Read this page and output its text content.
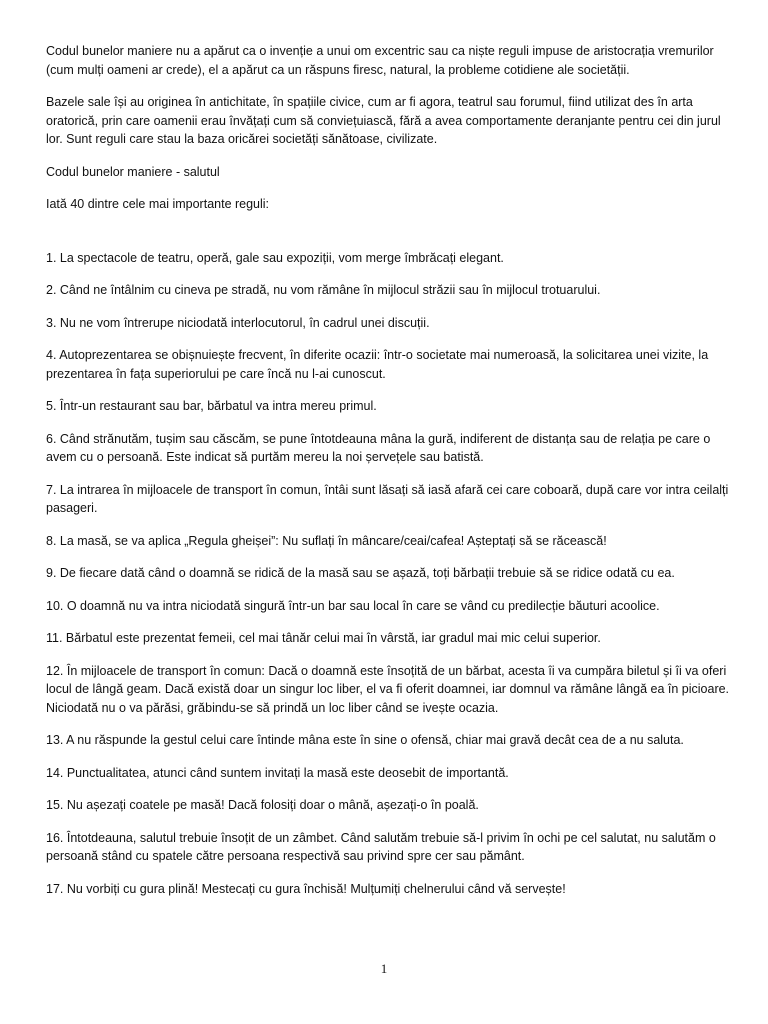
Codul bunelor maniere nu a apărut ca o invenție a unui om excentric sau ca niște reguli impuse de aristocrația vremurilor (cum mulți oameni ar crede), el a apărut ca un răspuns firesc, natural, la probleme cotidiene ale societății.

Bazele sale își au originea în antichitate, în spațiile civice, cum ar fi agora, teatrul sau forumul, fiind utilizat des în arta oratorică, prin care oamenii erau învățați cum să conviețuiască, fără a avea comportamente deranjante pentru cei din jurul lor. Sunt reguli care stau la baza oricărei societăți sănătoase, civilizate.

Codul bunelor maniere - salutul

Iată 40 dintre cele mai importante reguli:

1. La spectacole de teatru, operă, gale sau expoziții, vom merge îmbrăcați elegant.

2. Când ne întâlnim cu cineva pe stradă, nu vom rămâne în mijlocul străzii sau în mijlocul trotuarului.

3. Nu ne vom întrerupe niciodată interlocutorul, în cadrul unei discuții.

4. Autoprezentarea se obișnuiește frecvent, în diferite ocazii: într-o societate mai numeroasă, la solicitarea unei vizite, la prezentarea în fața superiorului pe care încă nu l-ai cunoscut.

5. Într-un restaurant sau bar, bărbatul va intra mereu primul.

6. Când strănutăm, tușim sau căscăm, se pune întotdeauna mâna la gură, indiferent de distanța sau de relația pe care o avem cu o persoană. Este indicat să purtăm mereu la noi șervețele sau batistă.

7. La intrarea în mijloacele de transport în comun, întâi sunt lăsați să iasă afară cei care coboară, după care vor intra ceilalți pasageri.

8. La masă, se va aplica „Regula gheișei”: Nu suflați în mâncare/ceai/cafea! Așteptați să se răcească!

9. De fiecare dată când o doamnă se ridică de la masă sau se așază, toți bărbații trebuie să se ridice odată cu ea.

10. O doamnă nu va intra niciodată singură într-un bar sau local în care se vând cu predilecție băuturi acoolice.

11. Bărbatul este prezentat femeii, cel mai tânăr celui mai în vârstă, iar gradul mai mic celui superior.

12. În mijloacele de transport în comun: Dacă o doamnă este însoțită de un bărbat, acesta îi va cumpăra biletul și îi va oferi locul de lângă geam. Dacă există doar un singur loc liber, el va fi oferit doamnei, iar domnul va rămâne lângă ea în picioare. Niciodată nu o va părăsi, grăbindu-se să prindă un loc liber când se ivește ocazia.

13. A nu răspunde la gestul celui care întinde mâna este în sine o ofensă, chiar mai gravă decât cea de a nu saluta.

14. Punctualitatea, atunci când suntem invitați la masă este deosebit de importantă.

15. Nu așezați coatele pe masă! Dacă folosiți doar o mână, așezați-o în poală.

16. Întotdeauna, salutul trebuie însoțit de un zâmbet. Când salutăm trebuie să-l privim în ochi pe cel salutat, nu salutăm o persoană stând cu spatele către persoana respectivă sau privind spre cer sau pământ.

17. Nu vorbiți cu gura plină! Mestecați cu gura închisă! Mulțumiți chelnerului când vă servește!

1
